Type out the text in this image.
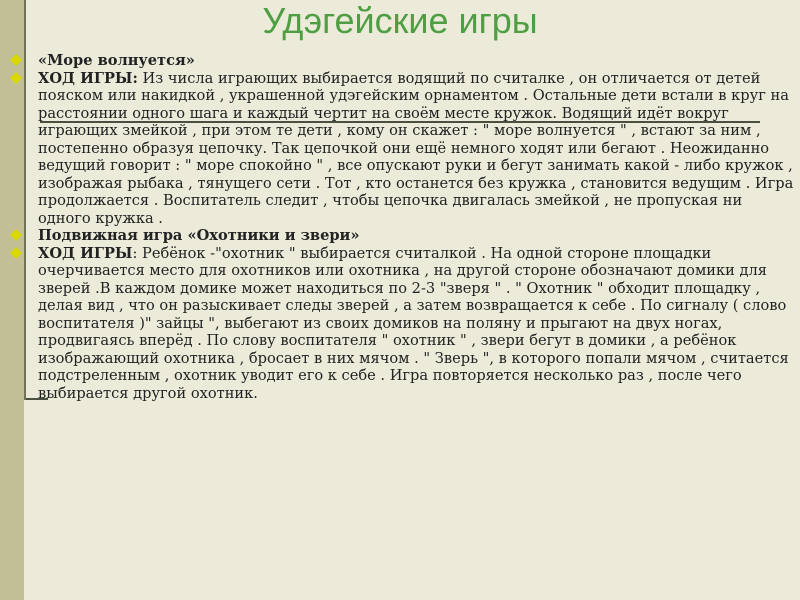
Удэгейские игры
«Море волнуется»
ХОД ИГРЫ: Из числа играющих выбирается водящий по считалке , он отличается от детей пояском или накидкой , украшенной удэгейским орнаментом . Остальные дети встали в круг на расстоянии одного шага и каждый чертит на своём месте кружок. Водящий идёт вокруг играющих змейкой , при этом те дети , кому он скажет : " море волнуется " , встают за ним , постепенно образуя цепочку. Так цепочкой они ещё немного ходят или бегают . Неожиданно ведущий говорит : " море спокойно " , все опускают руки и бегут занимать какой - либо кружок , изображая рыбака , тянущего сети . Тот , кто останется без кружка , становится ведущим . Игра продолжается . Воспитатель следит , чтобы цепочка двигалась змейкой , не пропуская ни одного кружка .
Подвижная игра «Охотники и звери»
ХОД ИГРЫ: Ребёнок -"охотник " выбирается считалкой . На одной стороне площадки очерчивается место для охотников или охотника , на другой стороне обозначают домики для зверей .В каждом домике может находиться по 2-3 "зверя " . " Охотник " обходит площадку , делая вид , что он разыскивает следы зверей , а затем возвращается к себе . По сигналу ( слово воспитателя )" зайцы ", выбегают из своих домиков на поляну и прыгают на двух ногах, продвигаясь вперёд . По слову воспитателя " охотник " , звери бегут в домики , а ребёнок изображающий охотника , бросает в них мячом . " Зверь ", в которого попали мячом , считается подстреленным , охотник уводит его к себе . Игра повторяется несколько раз , после чего выбирается другой охотник.
